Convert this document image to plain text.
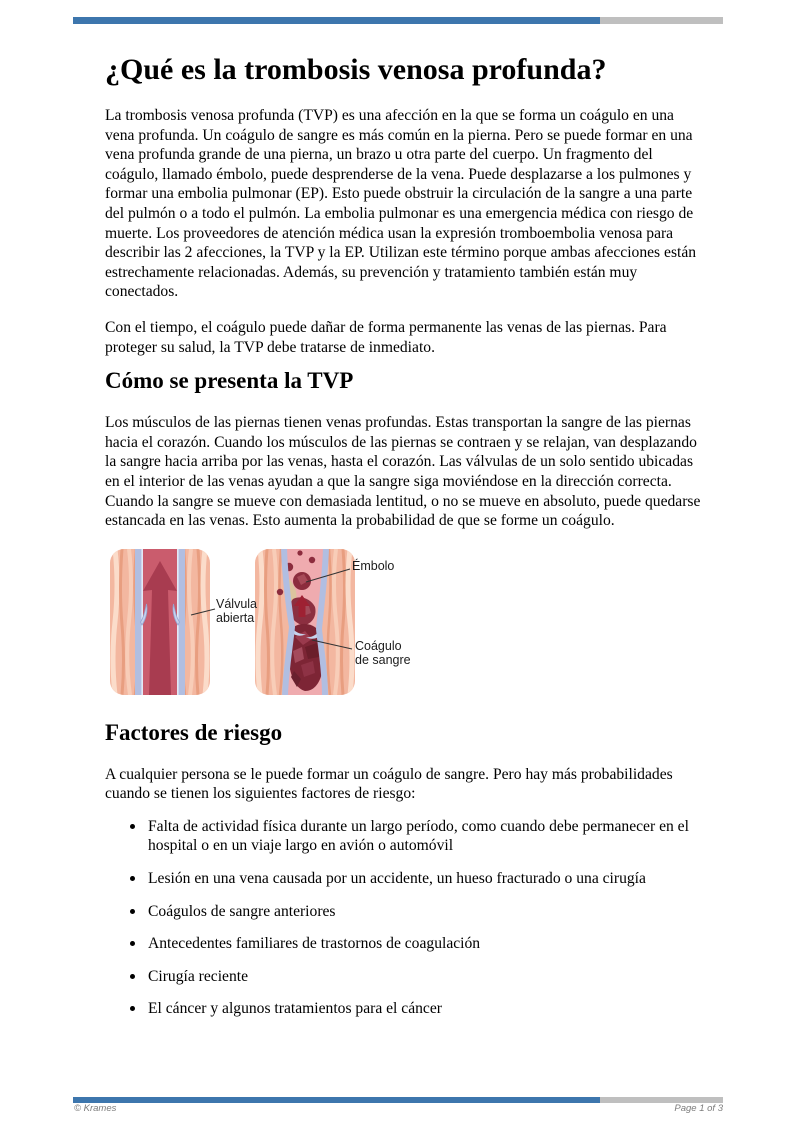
¿Qué es la trombosis venosa profunda?

La trombosis venosa profunda (TVP) es una afección en la que se forma un coágulo en una vena profunda. Un coágulo de sangre es más común en la pierna. Pero se puede formar en una vena profunda grande de una pierna, un brazo u otra parte del cuerpo. Un fragmento del coágulo, llamado émbolo, puede desprenderse de la vena. Puede desplazarse a los pulmones y formar una embolia pulmonar (EP). Esto puede obstruir la circulación de la sangre a una parte del pulmón o a todo el pulmón. La embolia pulmonar es una emergencia médica con riesgo de muerte. Los proveedores de atención médica usan la expresión tromboembolia venosa para describir las 2 afecciones, la TVP y la EP. Utilizan este término porque ambas afecciones están estrechamente relacionadas. Además, su prevención y tratamiento también están muy conectados.

Con el tiempo, el coágulo puede dañar de forma permanente las venas de las piernas. Para proteger su salud, la TVP debe tratarse de inmediato.

Cómo se presenta la TVP

Los músculos de las piernas tienen venas profundas. Estas transportan la sangre de las piernas hacia el corazón. Cuando los músculos de las piernas se contraen y se relajan, van desplazando la sangre hacia arriba por las venas, hasta el corazón. Las válvulas de un solo sentido ubicadas en el interior de las venas ayudan a que la sangre siga moviéndose en la dirección correcta. Cuando la sangre se mueve con demasiada lentitud, o no se mueve en absoluto, puede quedarse estancada en las venas. Esto aumenta la probabilidad de que se forme un coágulo.

Válvula abierta
Émbolo
Coágulo de sangre
Factores de riesgo

A cualquier persona se le puede formar un coágulo de sangre. Pero hay más probabilidades cuando se tienen los siguientes factores de riesgo:

Falta de actividad física durante un largo período, como cuando debe permanecer en el hospital o en un viaje largo en avión o automóvil
Lesión en una vena causada por un accidente, un hueso fracturado o una cirugía
Coágulos de sangre anteriores
Antecedentes familiares de trastornos de coagulación
Cirugía reciente
El cáncer y algunos tratamientos para el cáncer
© Krames	Page 1 of 3
